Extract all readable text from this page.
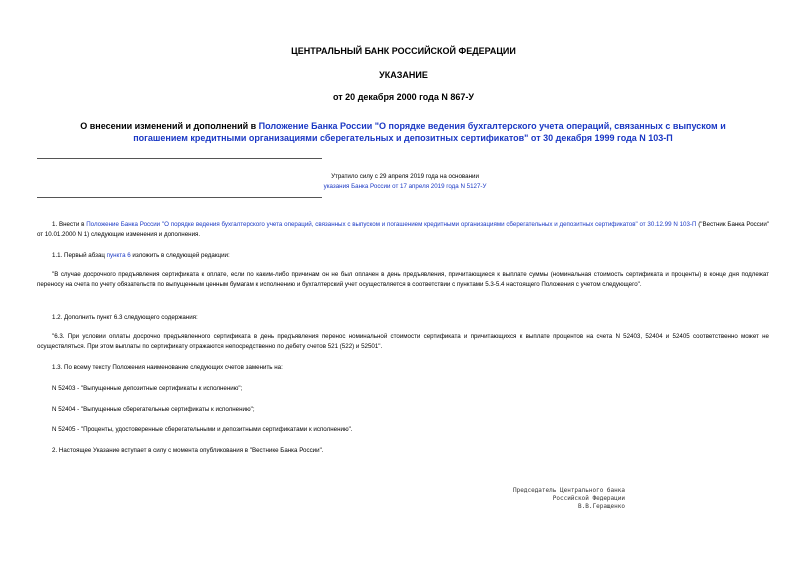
ЦЕНТРАЛЬНЫЙ БАНК РОССИЙСКОЙ ФЕДЕРАЦИИ
УКАЗАНИЕ
от 20 декабря 2000 года N 867-У
О внесении изменений и дополнений в Положение Банка России "О порядке ведения бухгалтерского учета операций, связанных с выпуском и погашением кредитными организациями сберегательных и депозитных сертификатов" от 30 декабря 1999 года N 103-П
Утратило силу с 29 апреля 2019 года на основании
указания Банка России от 17 апреля 2019 года N 5127-У
1. Внести в Положение Банка России "О порядке ведения бухгалтерского учета операций, связанных с выпуском и погашением кредитными организациями сберегательных и депозитных сертификатов" от 30.12.99 N 103-П ("Вестник Банка России" от 10.01.2000 N 1) следующие изменения и дополнения.
1.1. Первый абзац пункта 6 изложить в следующей редакции:
"В случае досрочного предъявления сертификата к оплате, если по каким-либо причинам он не был оплачен в день предъявления, причитающиеся к выплате суммы (номинальная стоимость сертификата и проценты) в конце дня подлежат переносу на счета по учету обязательств по выпущенным ценным бумагам к исполнению и бухгалтерский учет осуществляется в соответствии с пунктами 5.3-5.4 настоящего Положения с учетом следующего".
1.2. Дополнить пункт 6.3 следующего содержания:
"6.3. При условии оплаты досрочно предъявленного сертификата в день предъявления перенос номинальной стоимости сертификата и причитающихся к выплате процентов на счета N 52403, 52404 и 52405 соответственно может не осуществляться. При этом выплаты по сертификату отражаются непосредственно по дебету счетов 521 (522) и 52501".
1.3. По всему тексту Положения наименование следующих счетов заменить на:
N 52403 - "Выпущенные депозитные сертификаты к исполнению";
N 52404 - "Выпущенные сберегательные сертификаты к исполнению";
N 52405 - "Проценты, удостоверенные сберегательными и депозитными сертификатами к исполнению".
2. Настоящее Указание вступает в силу с момента опубликования в "Вестнике Банка России".
Председатель Центрального банка
Российской Федерации
В.В.Геращенко
